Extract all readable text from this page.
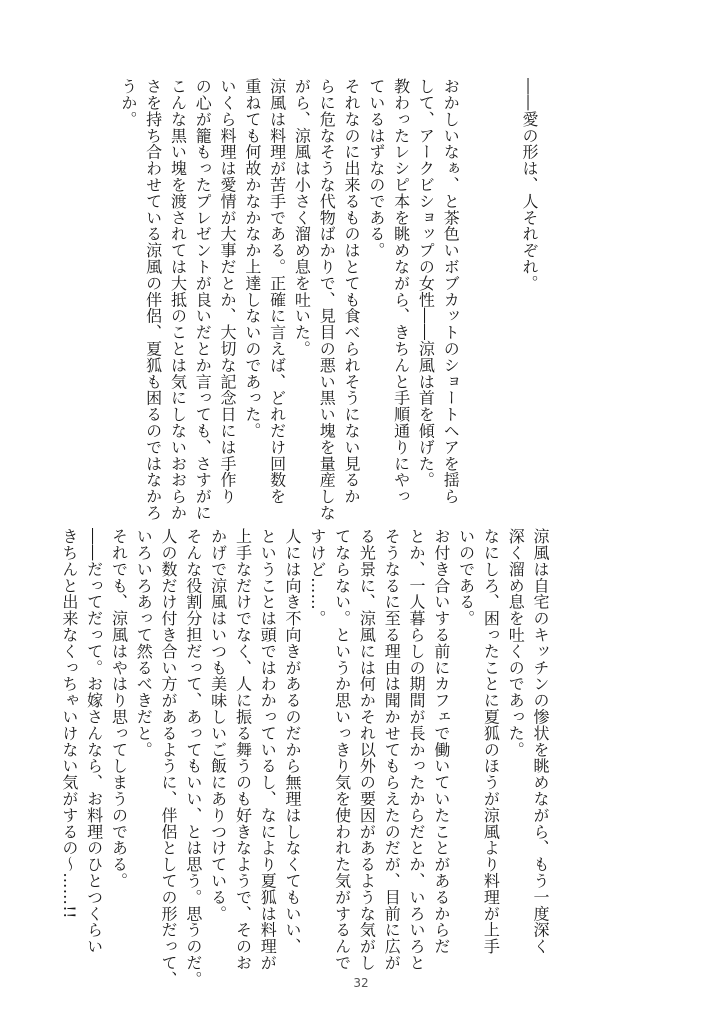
――愛の形は、人それぞれ。
おかしいなぁ、と茶色いボブカットのショートヘアを揺ら
して、アークビショップの女性――涼風は首を傾げた。
教わったレシピ本を眺めながら、きちんと手順通りにやっ
ているはずなのである。
それなのに出来るものはとても食べられそうにない見るか
らに危なそうな代物ばかりで、見目の悪い黒い塊を量産しな
がら、涼風は小さく溜め息を吐いた。
涼風は料理が苦手である。正確に言えば、どれだけ回数を
重ねても何故かなかなか上達しないのであった。
いくら料理は愛情が大事だとか、大切な記念日には手作り
の心が籠もったプレゼントが良いだとか言っても、さすがに
こんな黒い塊を渡されては大抵のことは気にしないおおらか
さを持ち合わせている涼風の伴侶、夏狐も困るのではなかろ
うか。
涼風は自宅のキッチンの惨状を眺めながら、もう一度深く
深く溜め息を吐くのであった。
なにしろ、困ったことに夏狐のほうが涼風より料理が上手
いのである。
お付き合いする前にカフェで働いていたことがあるからだ
とか、一人暮らしの期間が長かったからだとか、いろいろと
そうなるに至る理由は聞かせてもらえたのだが、目前に広が
る光景に、涼風には何かそれ以外の要因があるような気がし
てならない。というか思いっきり気を使われた気がするんで
すけど……。
人には向き不向きがあるのだから無理はしなくてもいい、
ということは頭ではわかっているし、なにより夏狐は料理が
上手なだけでなく、人に振る舞うのも好きなようで、そのお
かげで涼風はいつも美味しいご飯にありつけている。
そんな役割分担だって、あってもいい、とは思う。思うのだ。
人の数だけ付き合い方があるように、伴侶としての形だって、
いろいろあって然るべきだと。
それでも、涼風はやはり思ってしまうのである。
――だってだって。お嫁さんなら、お料理のひとつくらい
きちんと出来なくっちゃいけない気がするの～……!!
32
